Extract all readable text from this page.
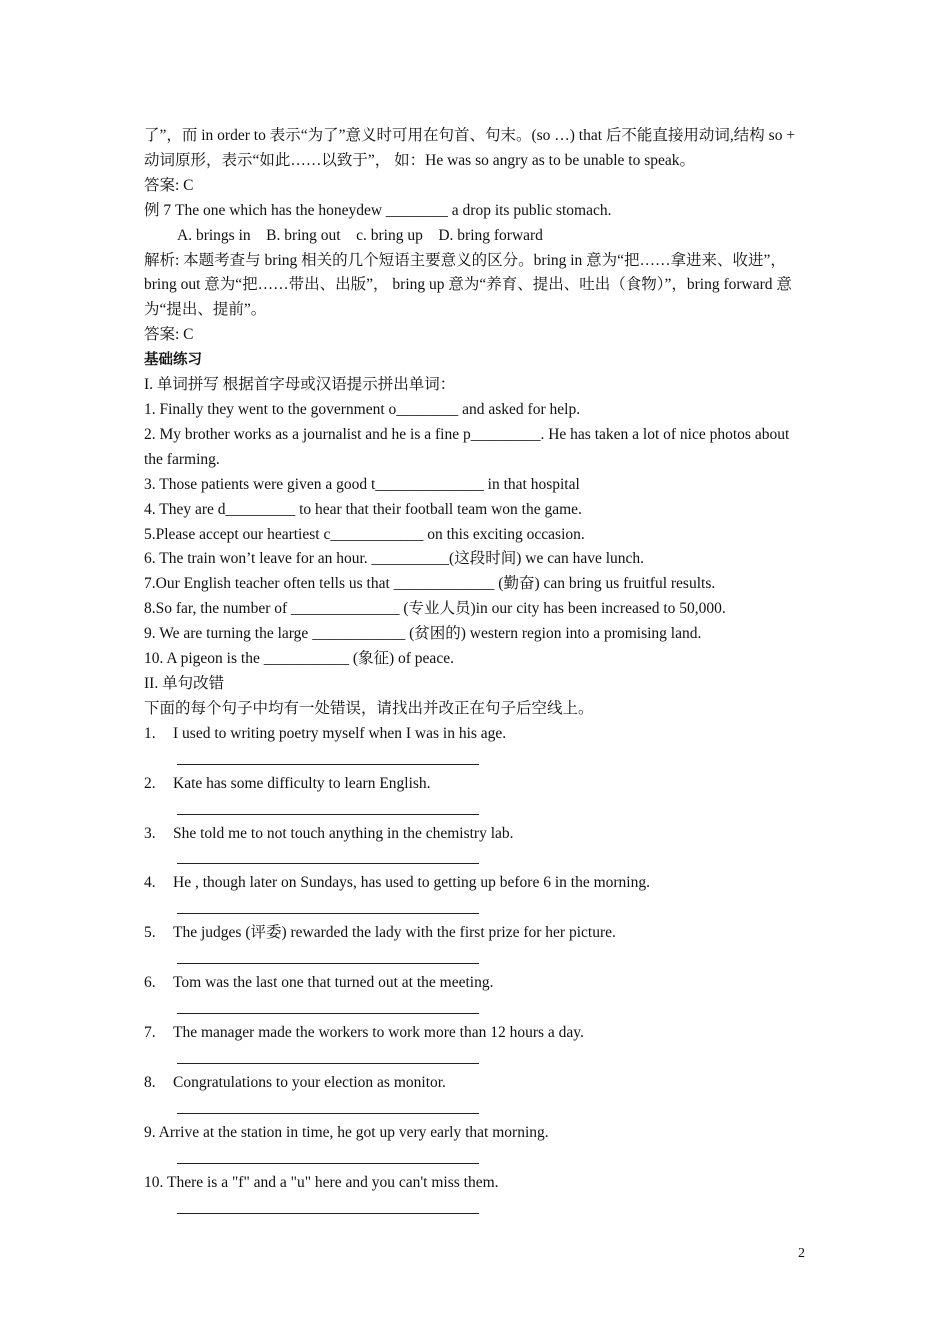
了”，而 in order to 表示“为了”意义时可用在句首、句末。(so …) that 后不能直接用动词,结构 so + 动词原形，表示“如此……以致于”， 如：He was so angry as to be unable to speak。

答案: C

例 7 The one which has the honeydew ________ a drop its public stomach.

A. brings in    B. bring out    c. bring up    D. bring forward

解析: 本题考查与 bring 相关的几个短语主要意义的区分。bring in 意为“把……拿进来、收进”，bring out 意为“把……带出、出版”， bring up 意为“养育、提出、吐出（食物）”，bring forward 意为“提出、提前”。

答案: C

基础练习

I. 单词拼写 根据首字母或汉语提示拼出单词：

1. Finally they went to the government o________ and asked for help.

2. My brother works as a journalist and he is a fine p_________. He has taken a lot of nice photos about the farming.

3. Those patients were given a good t______________ in that hospital

4. They are d_________ to hear that their football team won the game.

5.Please accept our heartiest c____________ on this exciting occasion.

6. The train won’t leave for an hour. __________(这段时间) we can have lunch.

7.Our English teacher often tells us that _____________ (勤奋) can bring us fruitful results.

8.So far, the number of ______________ (专业人员)in our city has been increased to 50,000.

9. We are turning the large ____________ (贫困的) western region into a promising land.

10. A pigeon is the ___________ (象征) of peace.

II. 单句改错

下面的每个句子中均有一处错误，请找出并改正在句子后空线上。

1.	I used to writing poetry myself when I was in his age.
2.	Kate has some difficulty to learn English.
3.	She told me to not touch anything in the chemistry lab.
4.	He , though later on Sundays, has used to getting up before 6 in the morning.
5.	The judges (评委) rewarded the lady with the first prize for her picture.
6.	Tom was the last one that turned out at the meeting.
7.	The manager made the workers to work more than 12 hours a day.
8.	Congratulations to your election as monitor.

9. Arrive at the station in time, he got up very early that morning.

10. There is a "f" and a "u" here and you can't miss them.

2
